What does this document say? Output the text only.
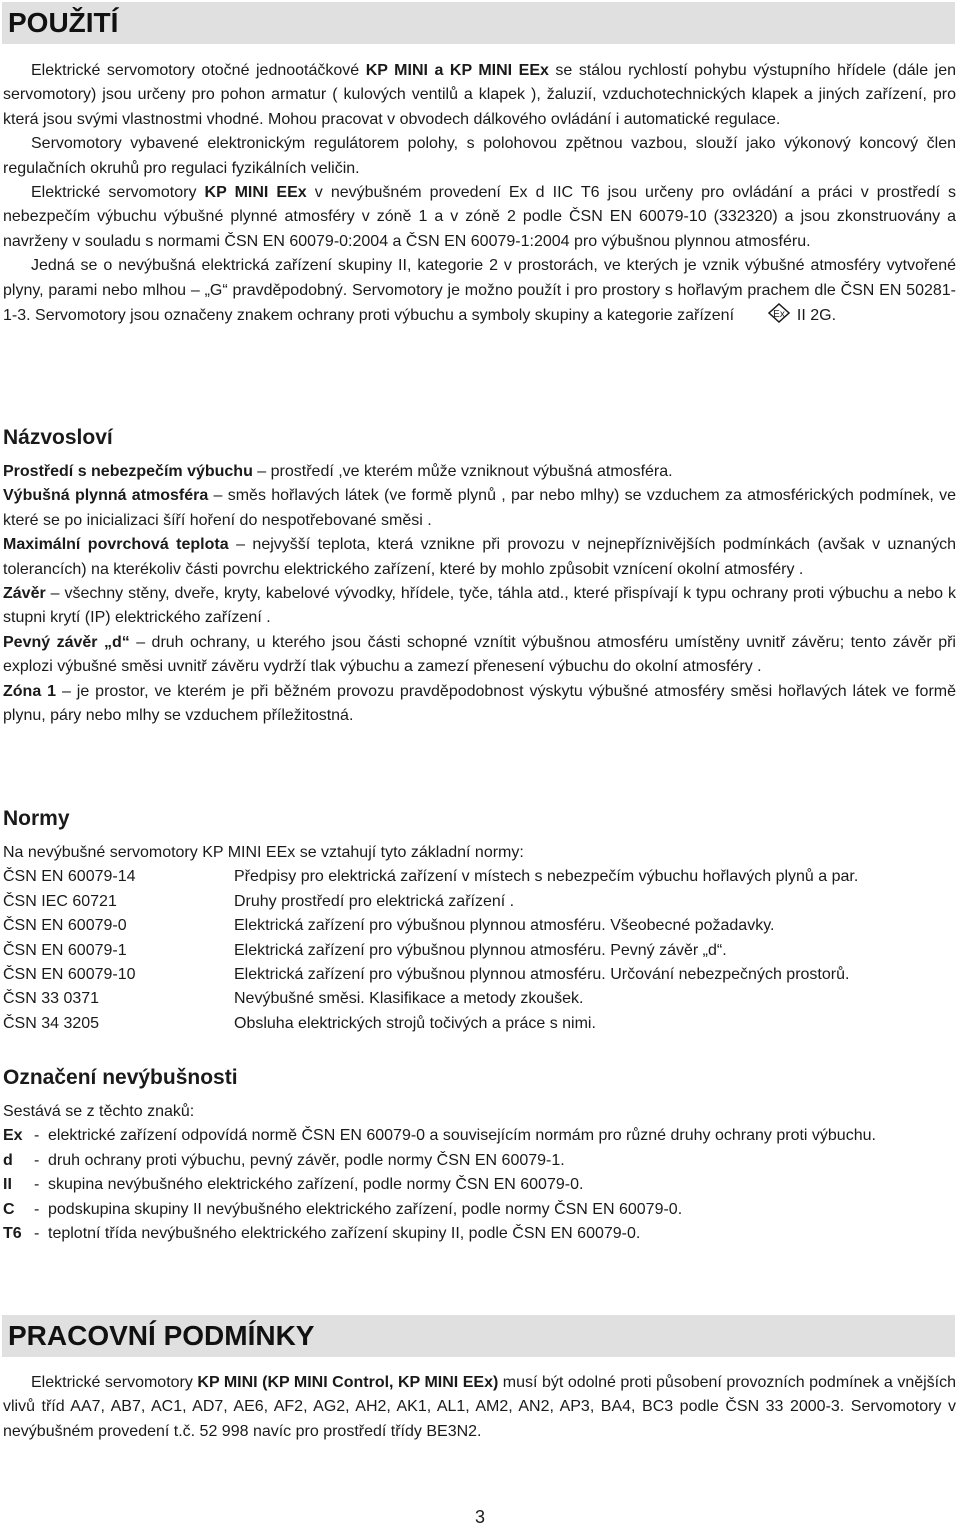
POUŽITÍ

Elektrické servomotory otočné jednootáčkové KP MINI a KP MINI EEx se stálou rychlostí pohybu výstupního hřídele (dále jen servomotory) jsou určeny pro pohon armatur ( kulových ventilů a klapek ), žaluzií, vzduchotechnických klapek a jiných zařízení, pro která jsou svými vlastnostmi vhodné. Mohou pracovat v obvodech dálkového ovládání i automatické regulace.

Servomotory vybavené elektronickým regulátorem polohy, s polohovou zpětnou vazbou, slouží jako výkonový koncový člen regulačních okruhů pro regulaci fyzikálních veličin.

Elektrické servomotory KP MINI EEx v nevýbušném provedení Ex d IIC T6 jsou určeny pro ovládání a práci v prostředí s nebezpečím výbuchu výbušné plynné atmosféry v zóně 1 a v zóně 2 podle ČSN EN 60079-10 (332320) a jsou zkonstruovány a navrženy v souladu s normami ČSN EN 60079-0:2004 a ČSN EN 60079-1:2004 pro výbušnou plynnou atmosféru.

Jedná se o nevýbušná elektrická zařízení skupiny II, kategorie 2 v prostorách, ve kterých je vznik výbušné atmosféry vytvořené plyny, parami nebo mlhou – „G“ pravděpodobný. Servomotory je možno použít i pro prostory s hořlavým prachem dle ČSN EN 50281-1-3. Servomotory jsou označeny znakem ochrany proti výbuchu a symboly skupiny a kategorie zařízení	Ex II 2G.

Názvosloví

Prostředí s nebezpečím výbuchu – prostředí ,ve kterém může vzniknout výbušná atmosféra.

Výbušná plynná atmosféra – směs hořlavých látek (ve formě plynů , par nebo mlhy) se vzduchem za atmosférických podmínek, ve které se po inicializaci šíří hoření do nespotřebované směsi .

Maximální povrchová teplota – nejvyšší teplota, která vznikne při provozu v nejnepříznivějších podmínkách (avšak v uznaných tolerancích) na kterékoliv části povrchu elektrického zařízení, které by mohlo způsobit vznícení okolní atmosféry .

Závěr – všechny stěny, dveře, kryty, kabelové vývodky, hřídele, tyče, táhla atd., které přispívají k typu ochrany proti výbuchu a nebo k stupni krytí (IP) elektrického zařízení .

Pevný závěr „d“ – druh ochrany, u kterého jsou části schopné vznítit výbušnou atmosféru umístěny uvnitř závěru; tento závěr při explozi výbušné směsi uvnitř závěru vydrží tlak výbuchu a zamezí přenesení výbuchu do okolní atmosféry .

Zóna 1 – je prostor, ve kterém je při běžném provozu pravděpodobnost výskytu výbušné atmosféry směsi hořlavých látek ve formě plynu, páry nebo mlhy se vzduchem příležitostná.

Normy

Na nevýbušné servomotory KP MINI EEx se vztahují tyto základní normy:

ČSN EN 60079-14	Předpisy pro elektrická zařízení v místech s nebezpečím výbuchu hořlavých plynů a par.
ČSN IEC 60721	Druhy prostředí pro elektrická zařízení .
ČSN EN 60079-0	Elektrická zařízení pro výbušnou plynnou atmosféru. Všeobecné požadavky.
ČSN EN 60079-1	Elektrická zařízení pro výbušnou plynnou atmosféru. Pevný závěr „d“.
ČSN EN 60079-10	Elektrická zařízení pro výbušnou plynnou atmosféru. Určování nebezpečných prostorů.
ČSN 33 0371	Nevýbušné směsi. Klasifikace a metody zkoušek.
ČSN 34 3205	Obsluha elektrických strojů točivých a práce s nimi.
Označení nevýbušnosti

Sestává se z těchto znaků:

Ex	-	elektrické zařízení odpovídá normě ČSN EN 60079-0 a souvisejícím normám pro různé druhy ochrany proti výbuchu.
d	-	druh ochrany proti výbuchu, pevný závěr, podle normy ČSN EN 60079-1.
II	-	skupina nevýbušného elektrického zařízení, podle normy ČSN EN 60079-0.
C	-	podskupina skupiny II nevýbušného elektrického zařízení, podle normy ČSN EN 60079-0.
T6	-	teplotní třída nevýbušného elektrického zařízení skupiny II, podle ČSN EN 60079-0.
PRACOVNÍ PODMÍNKY

Elektrické servomotory KP MINI (KP MINI Control, KP MINI EEx) musí být odolné proti působení provozních podmínek a vnějších vlivů tříd AA7, AB7, AC1, AD7, AE6, AF2, AG2, AH2, AK1, AL1, AM2, AN2, AP3, BA4, BC3 podle ČSN 33 2000-3. Servomotory v nevýbušném provedení t.č. 52 998 navíc pro prostředí třídy BE3N2.

3
